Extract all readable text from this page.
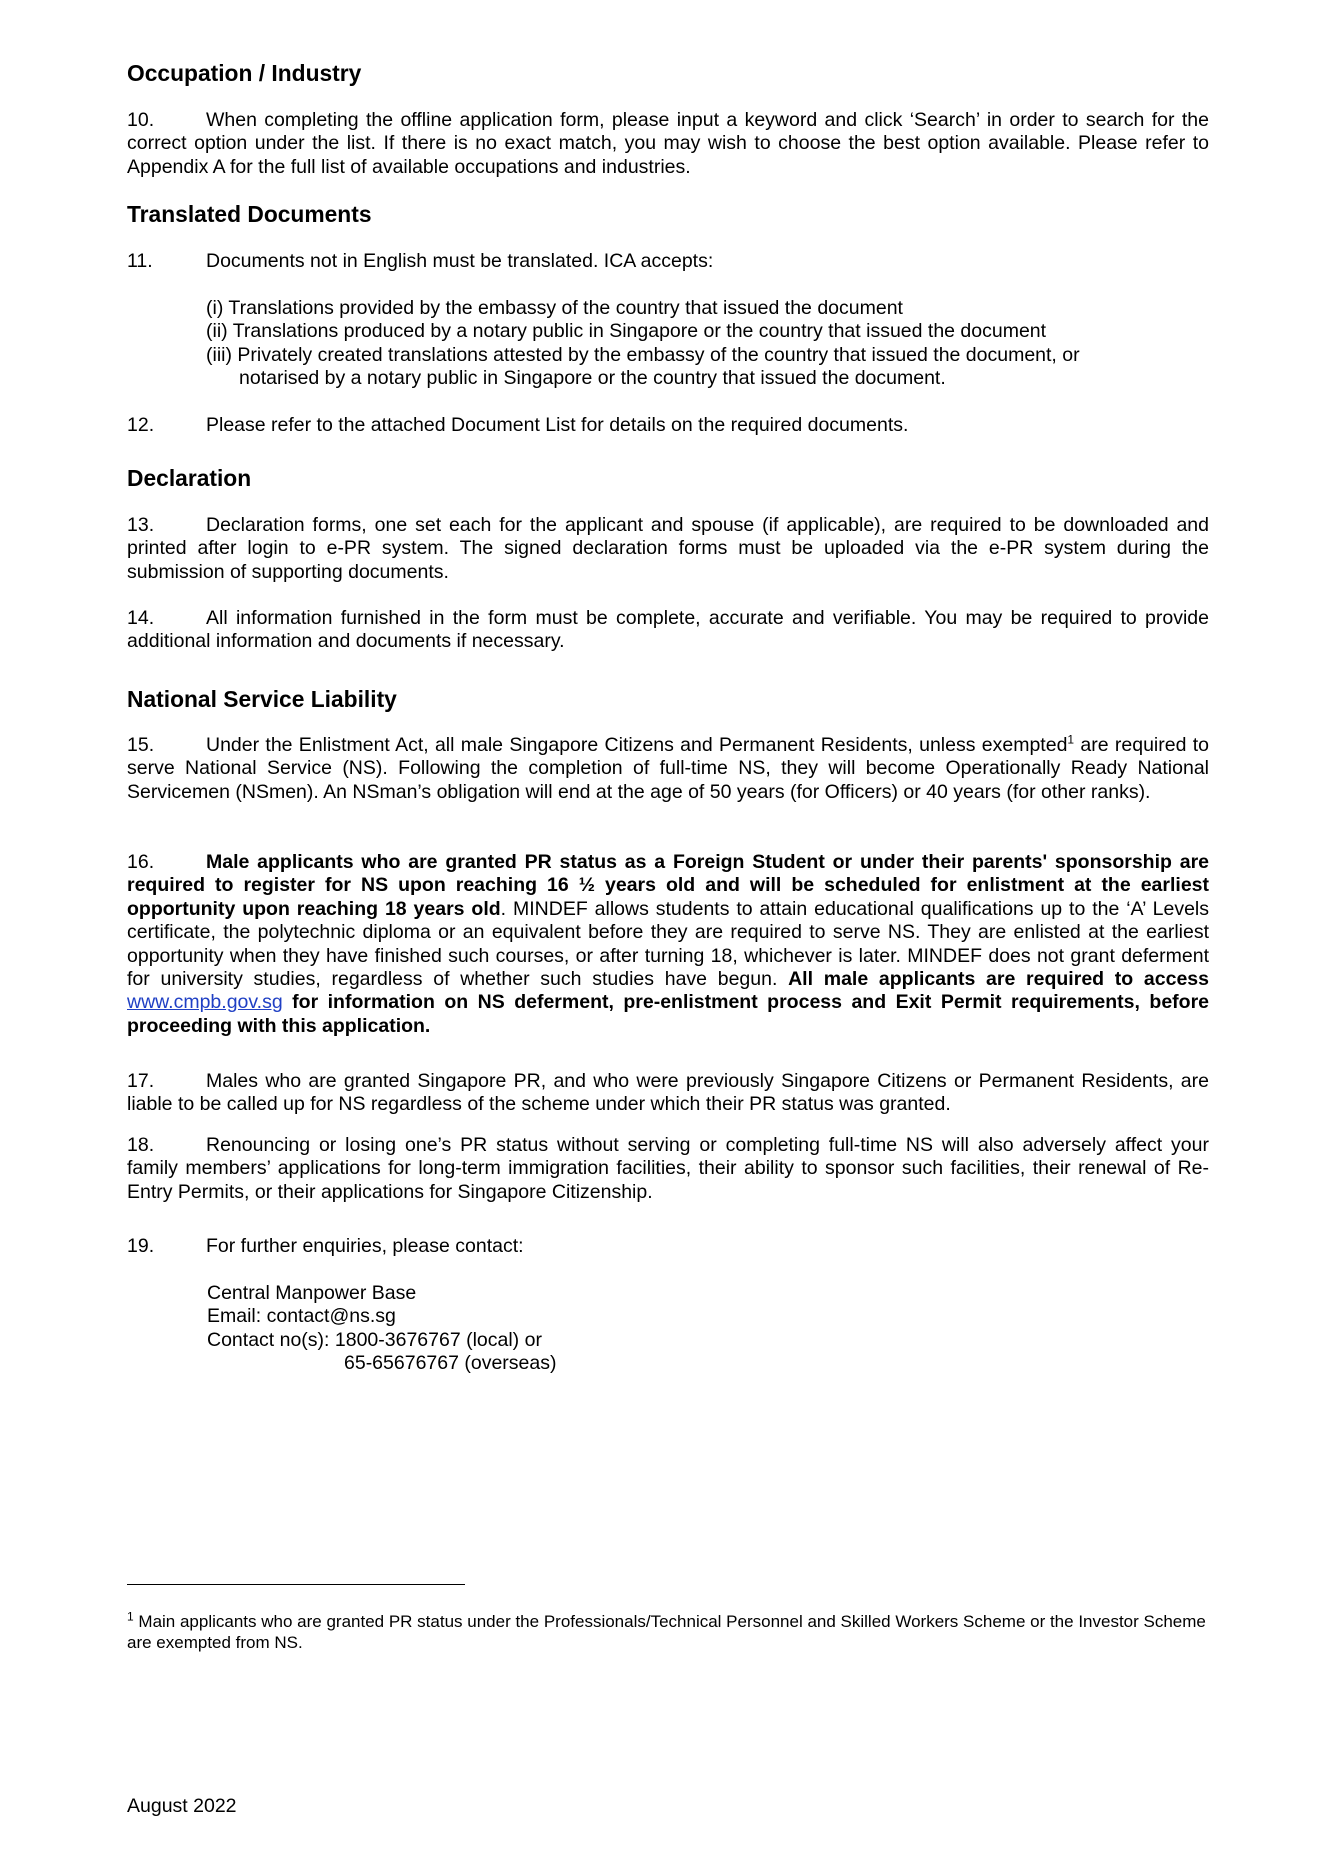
Occupation / Industry

10.	When completing the offline application form, please input a keyword and click ‘Search’ in order to search for the correct option under the list. If there is no exact match, you may wish to choose the best option available. Please refer to Appendix A for the full list of available occupations and industries.

Translated Documents

11.	Documents not in English must be translated. ICA accepts:

(i) Translations provided by the embassy of the country that issued the document
(ii) Translations produced by a notary public in Singapore or the country that issued the document
(iii) Privately created translations attested by the embassy of the country that issued the document, or
notarised by a notary public in Singapore or the country that issued the document.

12.	Please refer to the attached Document List for details on the required documents.

Declaration

13.	Declaration forms, one set each for the applicant and spouse (if applicable), are required to be downloaded and printed after login to e-PR system. The signed declaration forms must be uploaded via the e-PR system during the submission of supporting documents.

14.	All information furnished in the form must be complete, accurate and verifiable. You may be required to provide additional information and documents if necessary.

National Service Liability

15.	Under the Enlistment Act, all male Singapore Citizens and Permanent Residents, unless exempted$^1$ are required to serve National Service (NS). Following the completion of full-time NS, they will become Operationally Ready National Servicemen (NSmen). An NSman’s obligation will end at the age of 50 years (for Officers) or 40 years (for other ranks).

16.	Male applicants who are granted PR status as a Foreign Student or under their parents' sponsorship are required to register for NS upon reaching 16 ½ years old and will be scheduled for enlistment at the earliest opportunity upon reaching 18 years old. MINDEF allows students to attain educational qualifications up to the ‘A’ Levels certificate, the polytechnic diploma or an equivalent before they are required to serve NS. They are enlisted at the earliest opportunity when they have finished such courses, or after turning 18, whichever is later. MINDEF does not grant deferment for university studies, regardless of whether such studies have begun. All male applicants are required to access www.cmpb.gov.sg for information on NS deferment, pre-enlistment process and Exit Permit requirements, before proceeding with this application.

17.	Males who are granted Singapore PR, and who were previously Singapore Citizens or Permanent Residents, are liable to be called up for NS regardless of the scheme under which their PR status was granted.

18.	Renouncing or losing one’s PR status without serving or completing full-time NS will also adversely affect your family members’ applications for long-term immigration facilities, their ability to sponsor such facilities, their renewal of Re-Entry Permits, or their applications for Singapore Citizenship.

19.	For further enquiries, please contact:

Central Manpower Base
Email: contact@ns.sg
Contact no(s): 1800-3676767 (local) or
65-65676767 (overseas)
$^1$ Main applicants who are granted PR status under the Professionals/Technical Personnel and Skilled Workers Scheme or the Investor Scheme are exempted from NS.
August 2022
